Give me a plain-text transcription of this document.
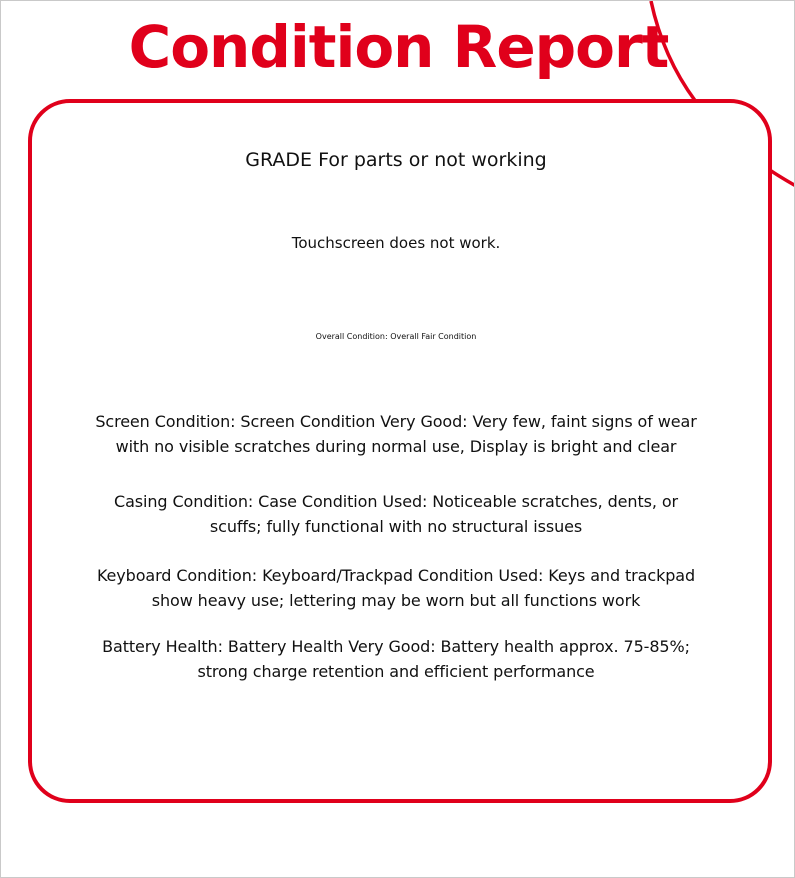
Condition Report
GRADE For parts or not working
Touchscreen does not work.
Overall Condition: Overall Fair Condition
Screen Condition: Screen Condition Very Good: Very few, faint signs of wear
with no visible scratches during normal use, Display is bright and clear
Casing Condition: Case Condition Used: Noticeable scratches, dents, or
scuffs; fully functional with no structural issues
Keyboard Condition: Keyboard/Trackpad Condition Used: Keys and trackpad
show heavy use; lettering may be worn but all functions work
Battery Health: Battery Health Very Good: Battery health approx. 75-85%;
strong charge retention and efficient performance
